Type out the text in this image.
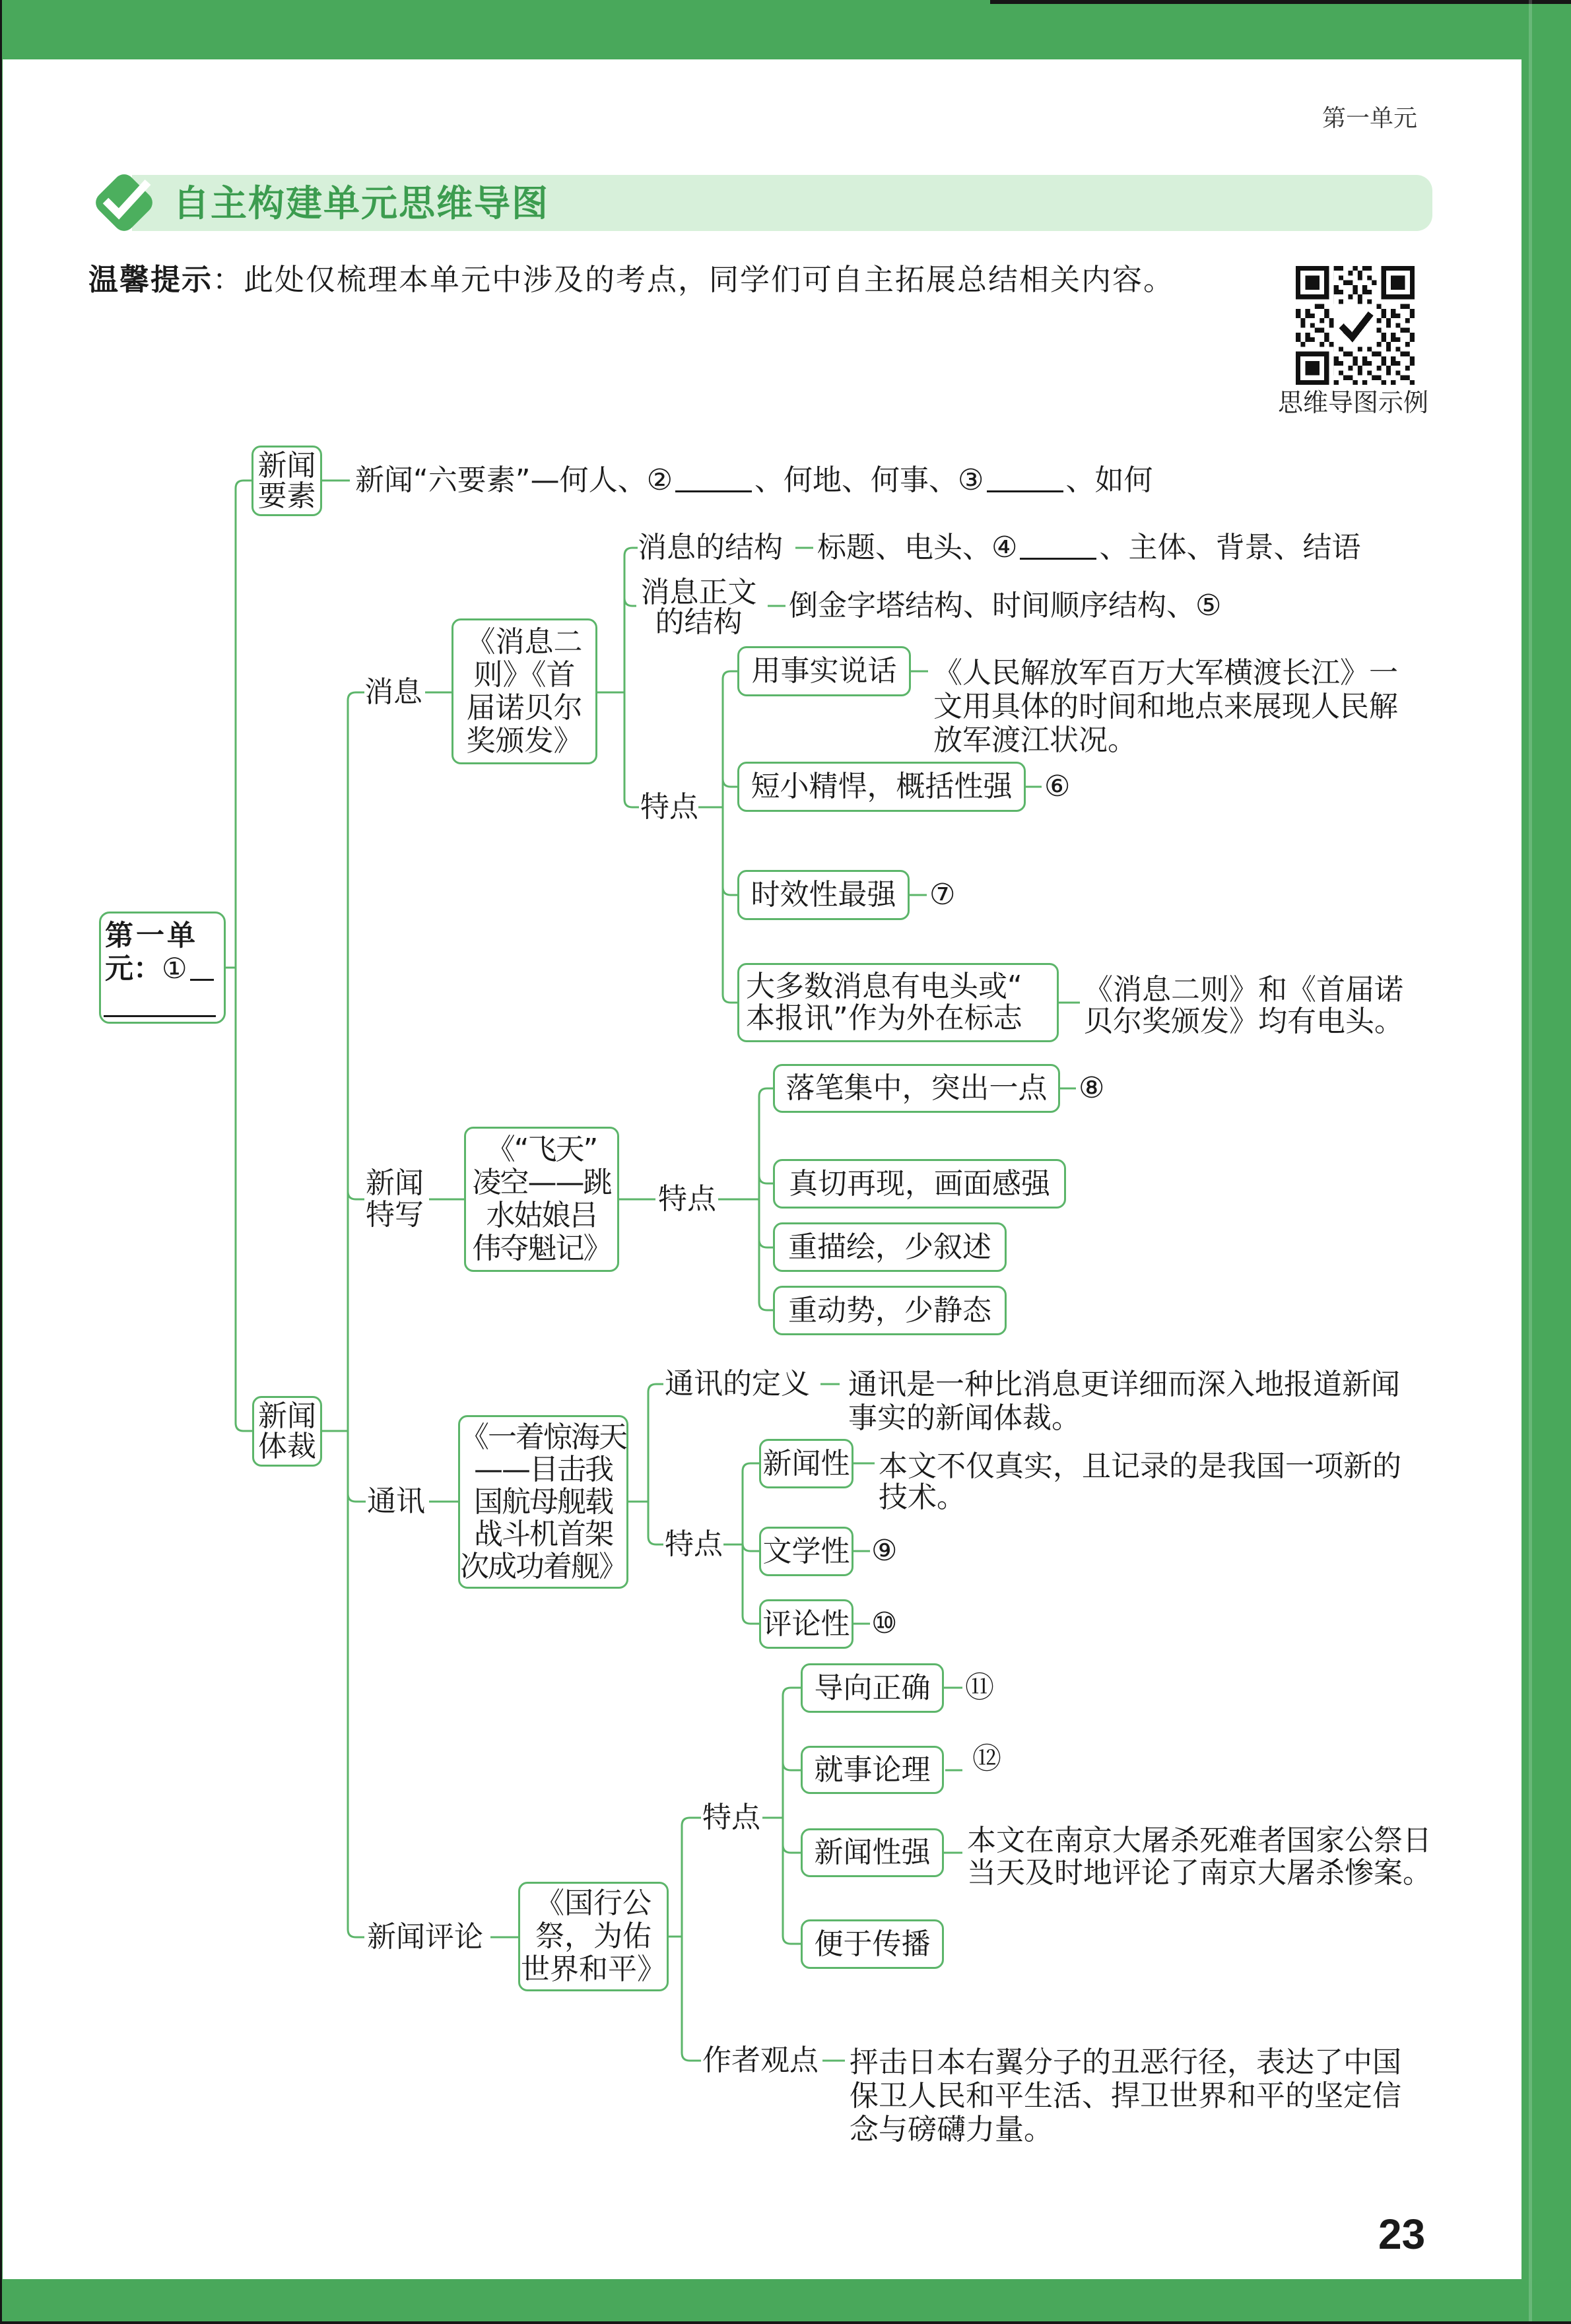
第一单元
自主构建单元思维导图
温馨提示：此处仅梳理本单元中涉及的考点，同学们可自主拓展总结相关内容。
思维导图示例
第一单
元：①
新闻
要素 新闻“六要素”—何人、②	、何地、何事、③	、如何
新闻
体裁
消息
《消息二
则》《首
届诺贝尔
奖颁发》
消息的结构 标题、电头、④	、主体、背景、结语
消息正文
的结构	倒金字塔结构、时间顺序结构、⑤
特点
用事实说话 《人民解放军百万大军横渡长江》一
文用具体的时间和地点来展现人民解
放军渡江状况。
短小精悍，概括性强 ⑥
时效性最强 ⑦
大多数消息有电头或“
本报讯”作为外在标志
《消息二则》和《首届诺
贝尔奖颁发》均有电头。
新闻
特写
《“飞天”
凌空——跳
水姑娘吕
伟夺魁记》
特点
落笔集中，突出一点 ⑧
真切再现，画面感强
重描绘，少叙述
重动势，少静态
通讯
《一着惊海天
——目击我
国航母舰载
战斗机首架
次成功着舰》
通讯的定义 通讯是一种比消息更详细而深入地报道新闻
事实的新闻体裁。
特点
新闻性 本文不仅真实，且记录的是我国一项新的
技术。
文学性 ⑨
评论性 ⑩
新闻评论
《国行公
祭，为佑
世界和平》
特点
导向正确 ⑪
就事论理 ⑫
新闻性强 本文在南京大屠杀死难者国家公祭日
当天及时地评论了南京大屠杀惨案。
便于传播
作者观点 抨击日本右翼分子的丑恶行径，表达了中国
保卫人民和平生活、捍卫世界和平的坚定信
念与磅礴力量。
23
